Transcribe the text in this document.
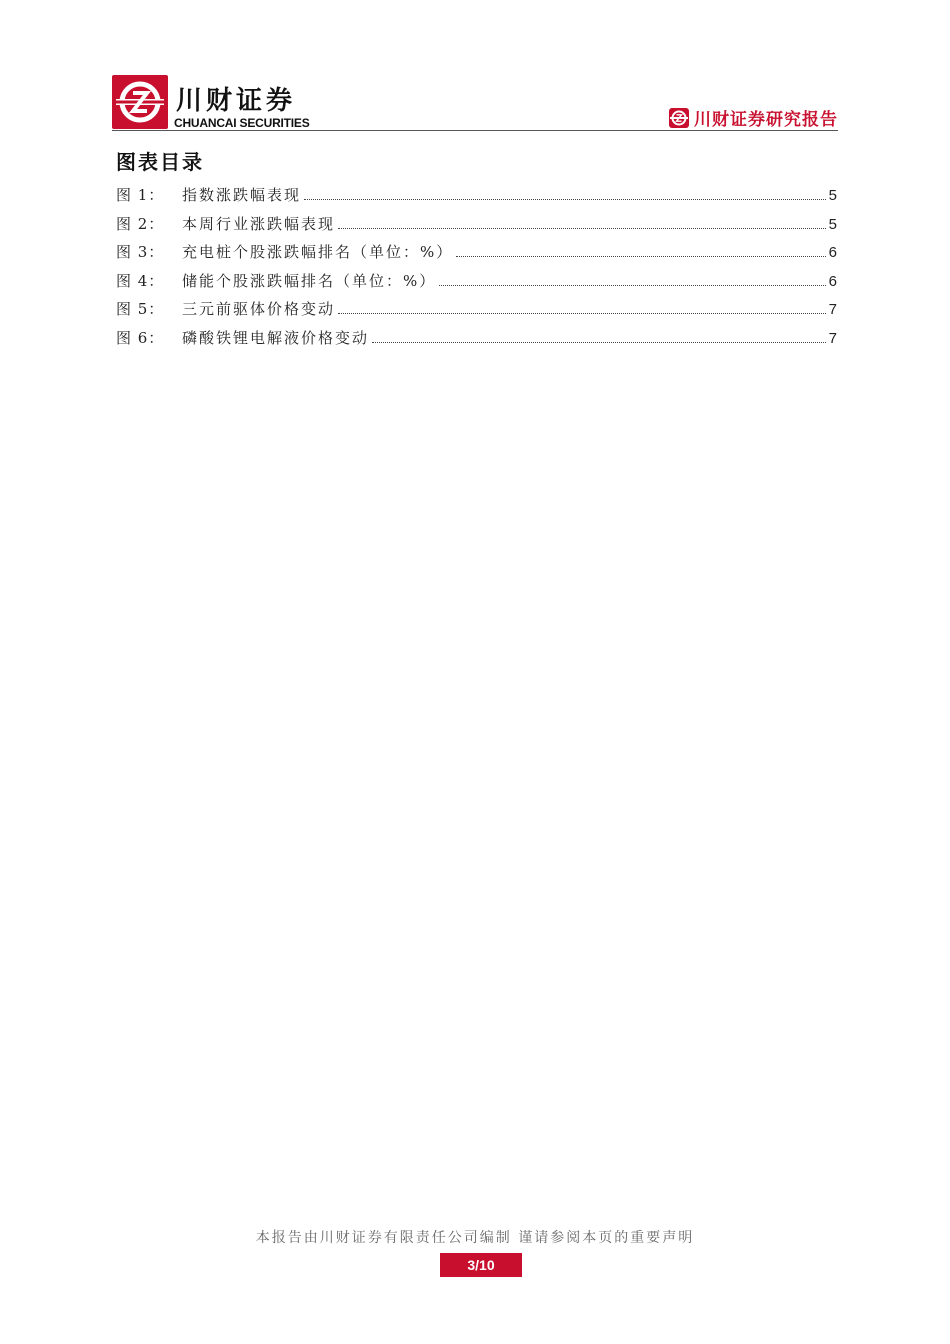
川财证券
CHUANCAI SECURITIES	川财证券研究报告
图表目录
图 1：	指数涨跌幅表现	5
图 2：	本周行业涨跌幅表现	5
图 3：	充电桩个股涨跌幅排名（单位：%）	6
图 4：	储能个股涨跌幅排名（单位：%）	6
图 5：	三元前驱体价格变动	7
图 6：	磷酸铁锂电解液价格变动	7
本报告由川财证券有限责任公司编制 谨请参阅本页的重要声明
3/10
